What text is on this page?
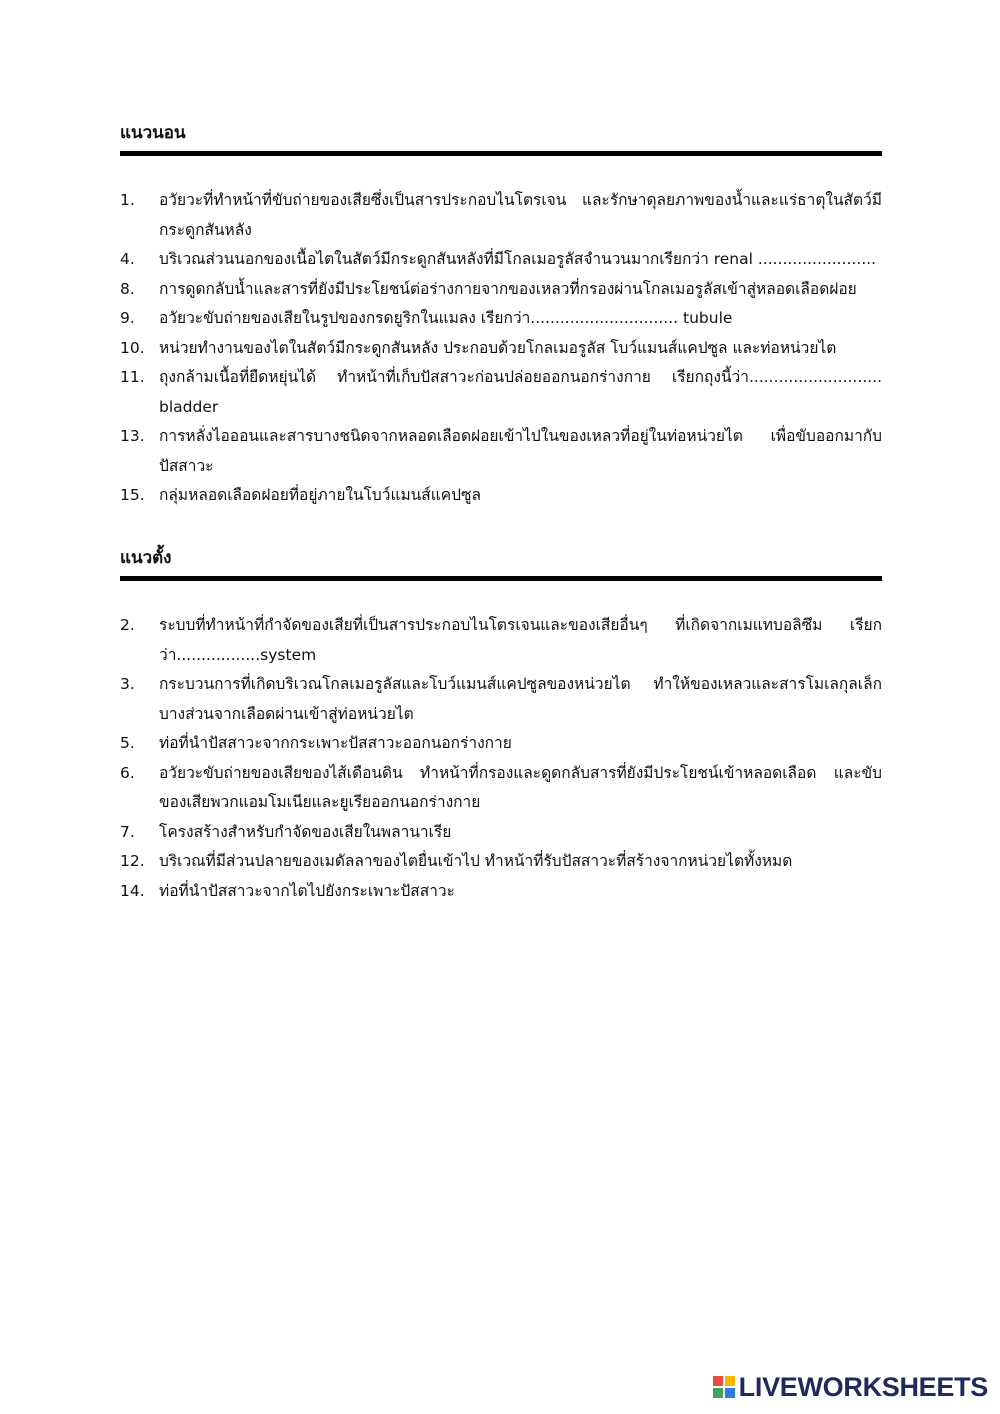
แนวนอน
1.	อวัยวะที่ทำหน้าที่ขับถ่ายของเสียซึ่งเป็นสารประกอบไนโตรเจน และรักษาดุลยภาพของน้ำและแร่ธาตุในสัตว์มีกระดูกสันหลัง
4.	บริเวณส่วนนอกของเนื้อไตในสัตว์มีกระดูกสันหลังที่มีโกลเมอรูลัสจำนวนมากเรียกว่า renal ........................
8.	การดูดกลับน้ำและสารที่ยังมีประโยชน์ต่อร่างกายจากของเหลวที่กรองผ่านโกลเมอรูลัสเข้าสู่หลอดเลือดฝอย
9.	อวัยวะขับถ่ายของเสียในรูปของกรดยูริกในแมลง เรียกว่า.............................. tubule
10. หน่วยทำงานของไตในสัตว์มีกระดูกสันหลัง ประกอบด้วยโกลเมอรูลัส โบว์แมนส์แคปซูล และท่อหน่วยไต
11. ถุงกล้ามเนื้อที่ยืดหยุ่นได้ ทำหน้าที่เก็บปัสสาวะก่อนปล่อยออกนอกร่างกาย เรียกถุงนี้ว่า........................... bladder
13. การหลั่งไอออนและสารบางชนิดจากหลอดเลือดฝอยเข้าไปในของเหลวที่อยู่ในท่อหน่วยไต เพื่อขับออกมากับปัสสาวะ
15. กลุ่มหลอดเลือดฝอยที่อยู่ภายในโบว์แมนส์แคปซูล
แนวตั้ง
2.	ระบบที่ทำหน้าที่กำจัดของเสียที่เป็นสารประกอบไนโตรเจนและของเสียอื่นๆ ที่เกิดจากเมแทบอลิซึม เรียกว่า.................system
3.	กระบวนการที่เกิดบริเวณโกลเมอรูลัสและโบว์แมนส์แคปซูลของหน่วยไต ทำให้ของเหลวและสารโมเลกุลเล็กบางส่วนจากเลือดผ่านเข้าสู่ท่อหน่วยไต
5.	ท่อที่นำปัสสาวะจากกระเพาะปัสสาวะออกนอกร่างกาย
6.	อวัยวะขับถ่ายของเสียของไส้เดือนดิน ทำหน้าที่กรองและดูดกลับสารที่ยังมีประโยชน์เข้าหลอดเลือด และขับของเสียพวกแอมโมเนียและยูเรียออกนอกร่างกาย
7.	โครงสร้างสำหรับกำจัดของเสียในพลานาเรีย
12. บริเวณที่มีส่วนปลายของเมดัลลาของไตยื่นเข้าไป ทำหน้าที่รับปัสสาวะที่สร้างจากหน่วยไตทั้งหมด
14. ท่อที่นำปัสสาวะจากไตไปยังกระเพาะปัสสาวะ
LIVEWORKSHEETS
